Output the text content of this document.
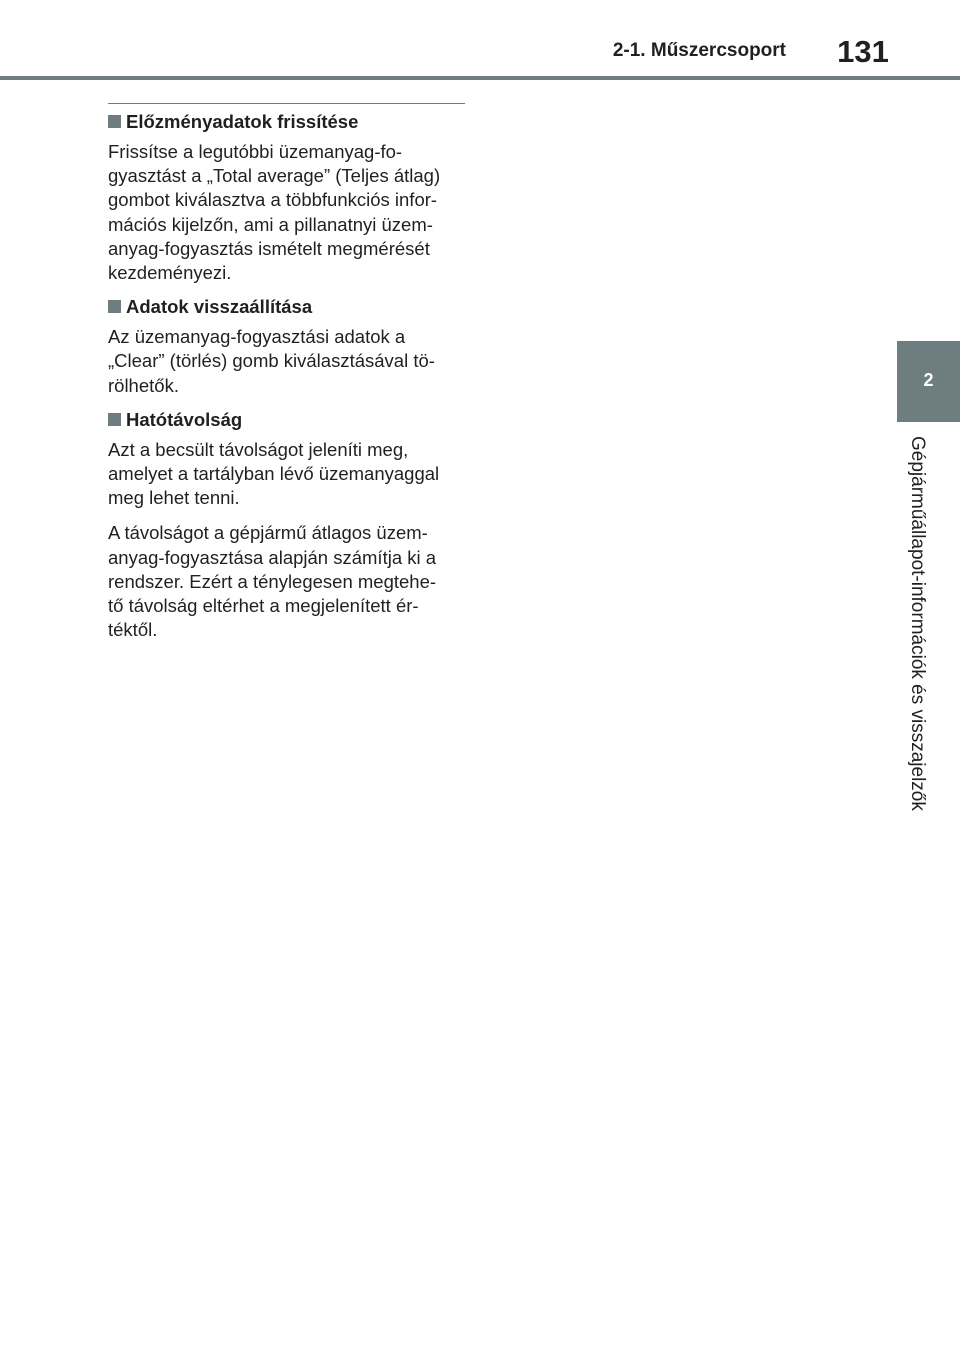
2-1. Műszercsoport	131
2
Gépjárműállapot-információk és visszajelzők
Előzményadatok frissítése
Frissítse a legutóbbi üzemanyag-fo-
gyasztást a „Total average” (Teljes átlag)
gombot kiválasztva a többfunkciós infor-
mációs kijelzőn, ami a pillanatnyi üzem-
anyag-fogyasztás ismételt megmérését
kezdeményezi.
Adatok visszaállítása
Az üzemanyag-fogyasztási adatok a
„Clear” (törlés) gomb kiválasztásával tö-
rölhetők.
Hatótávolság
Azt a becsült távolságot jeleníti meg,
amelyet a tartályban lévő üzemanyaggal
meg lehet tenni.
A távolságot a gépjármű átlagos üzem-
anyag-fogyasztása alapján számítja ki a
rendszer. Ezért a ténylegesen megtehe-
tő távolság eltérhet a megjelenített ér-
téktől.
